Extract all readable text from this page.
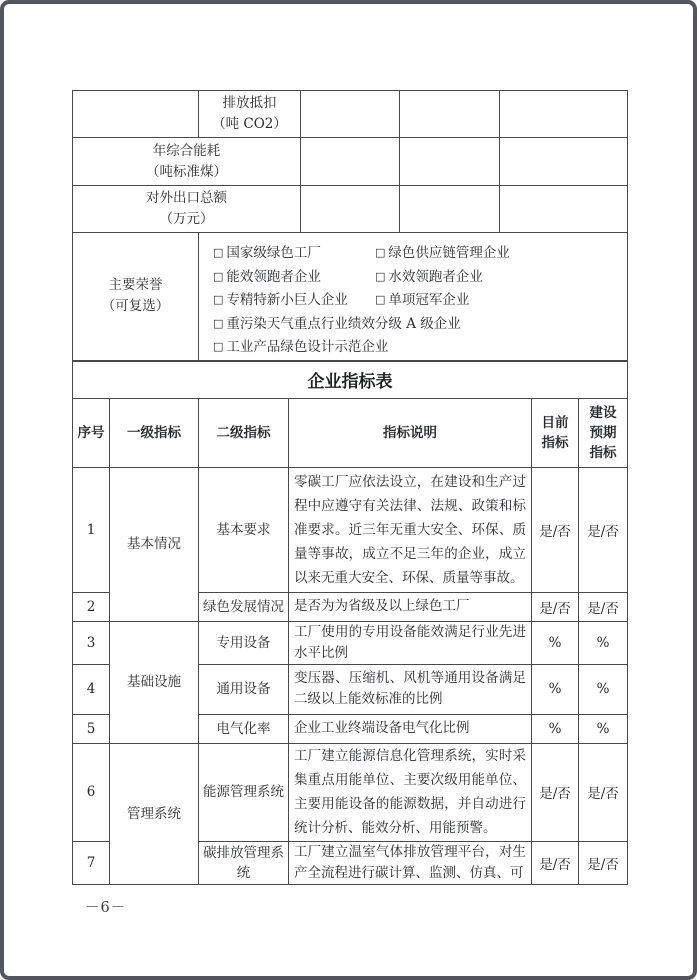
	排放抵扣
（吨 CO2）			

年综合能耗
（吨标准煤）				

对外出口总额
（万元）				

主要荣誉
（可复选）

□ 国家级绿色工厂	□ 绿色供应链管理企业
□ 能效领跑者企业	□ 水效领跑者企业
□ 专精特新小巨人企业 □ 单项冠军企业
□ 重污染天气重点行业绩效分级 A 级企业
□ 工业产品绿色设计示范企业
企业指标表					
序号	一级指标	二级指标	指标说明	目前指标	建设预期指标
1	基本情况	基本要求	零碳工厂应依法设立，在建设和生产过程中应遵守有关法律、法规、政策和标准要求。近三年无重大安全、环保、质量等事故，成立不足三年的企业，成立以来无重大安全、环保、质量等事故。	是/否	是/否
2		绿色发展情况	是否为为省级及以上绿色工厂	是/否	是/否
3	基础设施	专用设备	工厂使用的专用设备能效满足行业先进水平比例	%	%
4		通用设备	变压器、压缩机、风机等通用设备满足二级以上能效标准的比例	%	%
5		电气化率	企业工业终端设备电气化比例	%	%
6	管理系统	能源管理系统	工厂建立能源信息化管理系统，实时采集重点用能单位、主要次级用能单位、主要用能设备的能源数据，并自动进行统计分析、能效分析、用能预警。	是/否	是/否
7		碳排放管理系统	工厂建立温室气体排放管理平台，对生产全流程进行碳计算、监测、仿真、可	是/否	是/否
－6－
